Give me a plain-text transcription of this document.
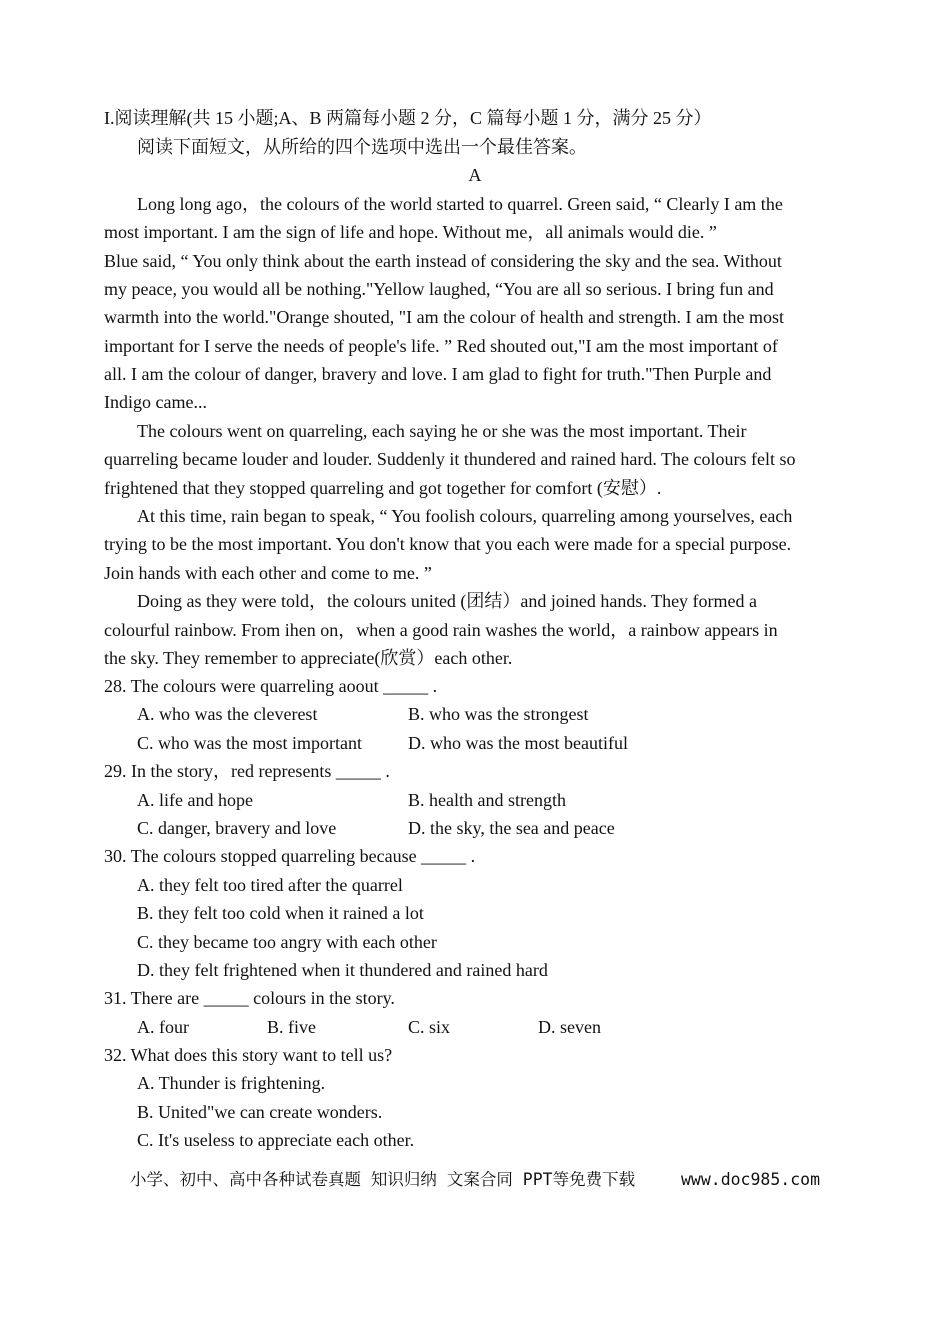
I.阅读理解(共 15 小题;A、B 两篇每小题 2 分，C 篇每小题 1 分，满分 25 分）
阅读下面短文，从所给的四个选项中选出一个最佳答案。
A
Long long ago，the colours of the world started to quarrel. Green said, “ Clearly I am the
most important. I am the sign of life and hope. Without me，all animals would die. ”
Blue said, “ You only think about the earth instead of considering the sky and the sea. Without
my peace, you would all be nothing."Yellow laughed, “You are all so serious. I bring fun and
warmth into the world."Orange shouted, "I am the colour of health and strength. I am the most
important for I serve the needs of people's life. ” Red shouted out,"I am the most important of
all. I am the colour of danger, bravery and love. I am glad to fight for truth."Then Purple and
Indigo came...
The colours went on quarreling, each saying he or she was the most important. Their
quarreling became louder and louder. Suddenly it thundered and rained hard. The colours felt so
frightened that they stopped quarreling and got together for comfort (安慰）.
At this time, rain began to speak, “ You foolish colours, quarreling among yourselves, each
trying to be the most important. You don't know that you each were made for a special purpose.
Join hands with each other and come to me. ”
Doing as they were told，the colours united (团结）and joined hands. They formed a
colourful rainbow. From ihen on，when a good rain washes the world，a rainbow appears in
the sky. They remember to appreciate(欣赏）each other.
28. The colours were quarreling aoout _____ .
A. who was the cleverest	B. who was the strongest
C. who was the most important	D. who was the most beautiful
29. In the story，red represents _____ .
A. life and hope	B. health and strength
C. danger, bravery and love	D. the sky, the sea and peace
30. The colours stopped quarreling because _____ .
A. they felt too tired after the quarrel
B. they felt too cold when it rained a lot
C. they became too angry with each other
D. they felt frightened when it thundered and rained hard
31. There are _____ colours in the story.
A. four	B. five	C. six	D. seven
32. What does this story want to tell us?
A. Thunder is frightening.
B. United"we can create wonders.
C. It's useless to appreciate each other.
小学、初中、高中各种试卷真题 知识归纳 文案合同 PPT等免费下载	www.doc985.com
